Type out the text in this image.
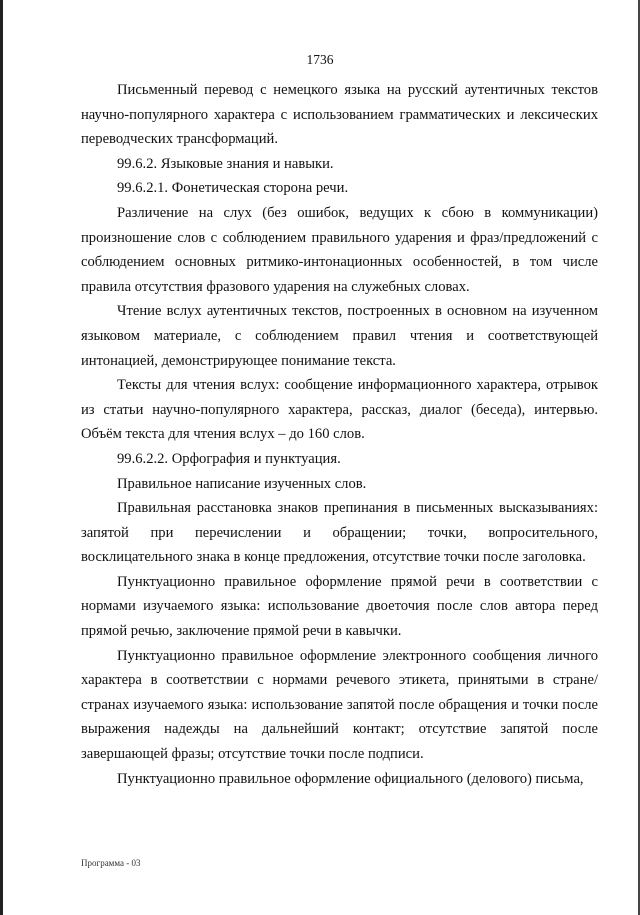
1736

Письменный перевод с немецкого языка на русский аутентичных текстов научно-популярного характера с использованием грамматических и лексических переводческих трансформаций.

99.6.2. Языковые знания и навыки.

99.6.2.1. Фонетическая сторона речи.

Различение на слух (без ошибок, ведущих к сбою в коммуникации) произношение слов с соблюдением правильного ударения и фраз/предложений с соблюдением основных ритмико-интонационных особенностей, в том числе правила отсутствия фразового ударения на служебных словах.

Чтение вслух аутентичных текстов, построенных в основном на изученном языковом материале, с соблюдением правил чтения и соответствующей интонацией, демонстрирующее понимание текста.

Тексты для чтения вслух: сообщение информационного характера, отрывок из статьи научно-популярного характера, рассказ, диалог (беседа), интервью. Объём текста для чтения вслух – до 160 слов.

99.6.2.2. Орфография и пунктуация.

Правильное написание изученных слов.

Правильная расстановка знаков препинания в письменных высказываниях: запятой при перечислении и обращении; точки, вопросительного, восклицательного знака в конце предложения, отсутствие точки после заголовка.

Пунктуационно правильное оформление прямой речи в соответствии с нормами изучаемого языка: использование двоеточия после слов автора перед прямой речью, заключение прямой речи в кавычки.

Пунктуационно правильное оформление электронного сообщения личного характера в соответствии с нормами речевого этикета, принятыми в стране/странах изучаемого языка: использование запятой после обращения и точки после выражения надежды на дальнейший контакт; отсутствие запятой после завершающей фразы; отсутствие точки после подписи.

Пунктуационно правильное оформление официального (делового) письма,

Программа - 03
